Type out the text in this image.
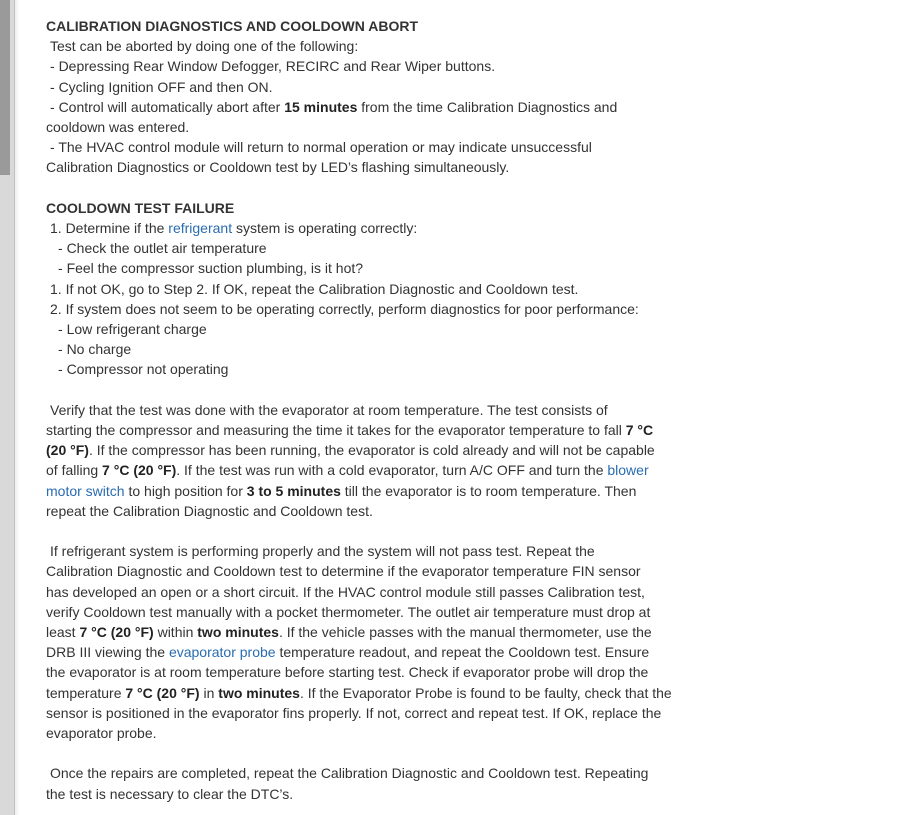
CALIBRATION DIAGNOSTICS AND COOLDOWN ABORT
Test can be aborted by doing one of the following:
- Depressing Rear Window Defogger, RECIRC and Rear Wiper buttons.
- Cycling Ignition OFF and then ON.
- Control will automatically abort after 15 minutes from the time Calibration Diagnostics and
cooldown was entered.
- The HVAC control module will return to normal operation or may indicate unsuccessful
Calibration Diagnostics or Cooldown test by LED’s flashing simultaneously.
COOLDOWN TEST FAILURE
1. Determine if the refrigerant system is operating correctly:
- Check the outlet air temperature
- Feel the compressor suction plumbing, is it hot?
1. If not OK, go to Step 2. If OK, repeat the Calibration Diagnostic and Cooldown test.
2. If system does not seem to be operating correctly, perform diagnostics for poor performance:
- Low refrigerant charge
- No charge
- Compressor not operating
Verify that the test was done with the evaporator at room temperature. The test consists of
starting the compressor and measuring the time it takes for the evaporator temperature to fall 7 °C
(20 °F). If the compressor has been running, the evaporator is cold already and will not be capable
of falling 7 °C (20 °F). If the test was run with a cold evaporator, turn A/C OFF and turn the blower
motor switch to high position for 3 to 5 minutes till the evaporator is to room temperature. Then
repeat the Calibration Diagnostic and Cooldown test.
If refrigerant system is performing properly and the system will not pass test. Repeat the
Calibration Diagnostic and Cooldown test to determine if the evaporator temperature FIN sensor
has developed an open or a short circuit. If the HVAC control module still passes Calibration test,
verify Cooldown test manually with a pocket thermometer. The outlet air temperature must drop at
least 7 °C (20 °F) within two minutes. If the vehicle passes with the manual thermometer, use the
DRB III viewing the evaporator probe temperature readout, and repeat the Cooldown test. Ensure
the evaporator is at room temperature before starting test. Check if evaporator probe will drop the
temperature 7 °C (20 °F) in two minutes. If the Evaporator Probe is found to be faulty, check that the
sensor is positioned in the evaporator fins properly. If not, correct and repeat test. If OK, replace the
evaporator probe.
Once the repairs are completed, repeat the Calibration Diagnostic and Cooldown test. Repeating
the test is necessary to clear the DTC’s.
